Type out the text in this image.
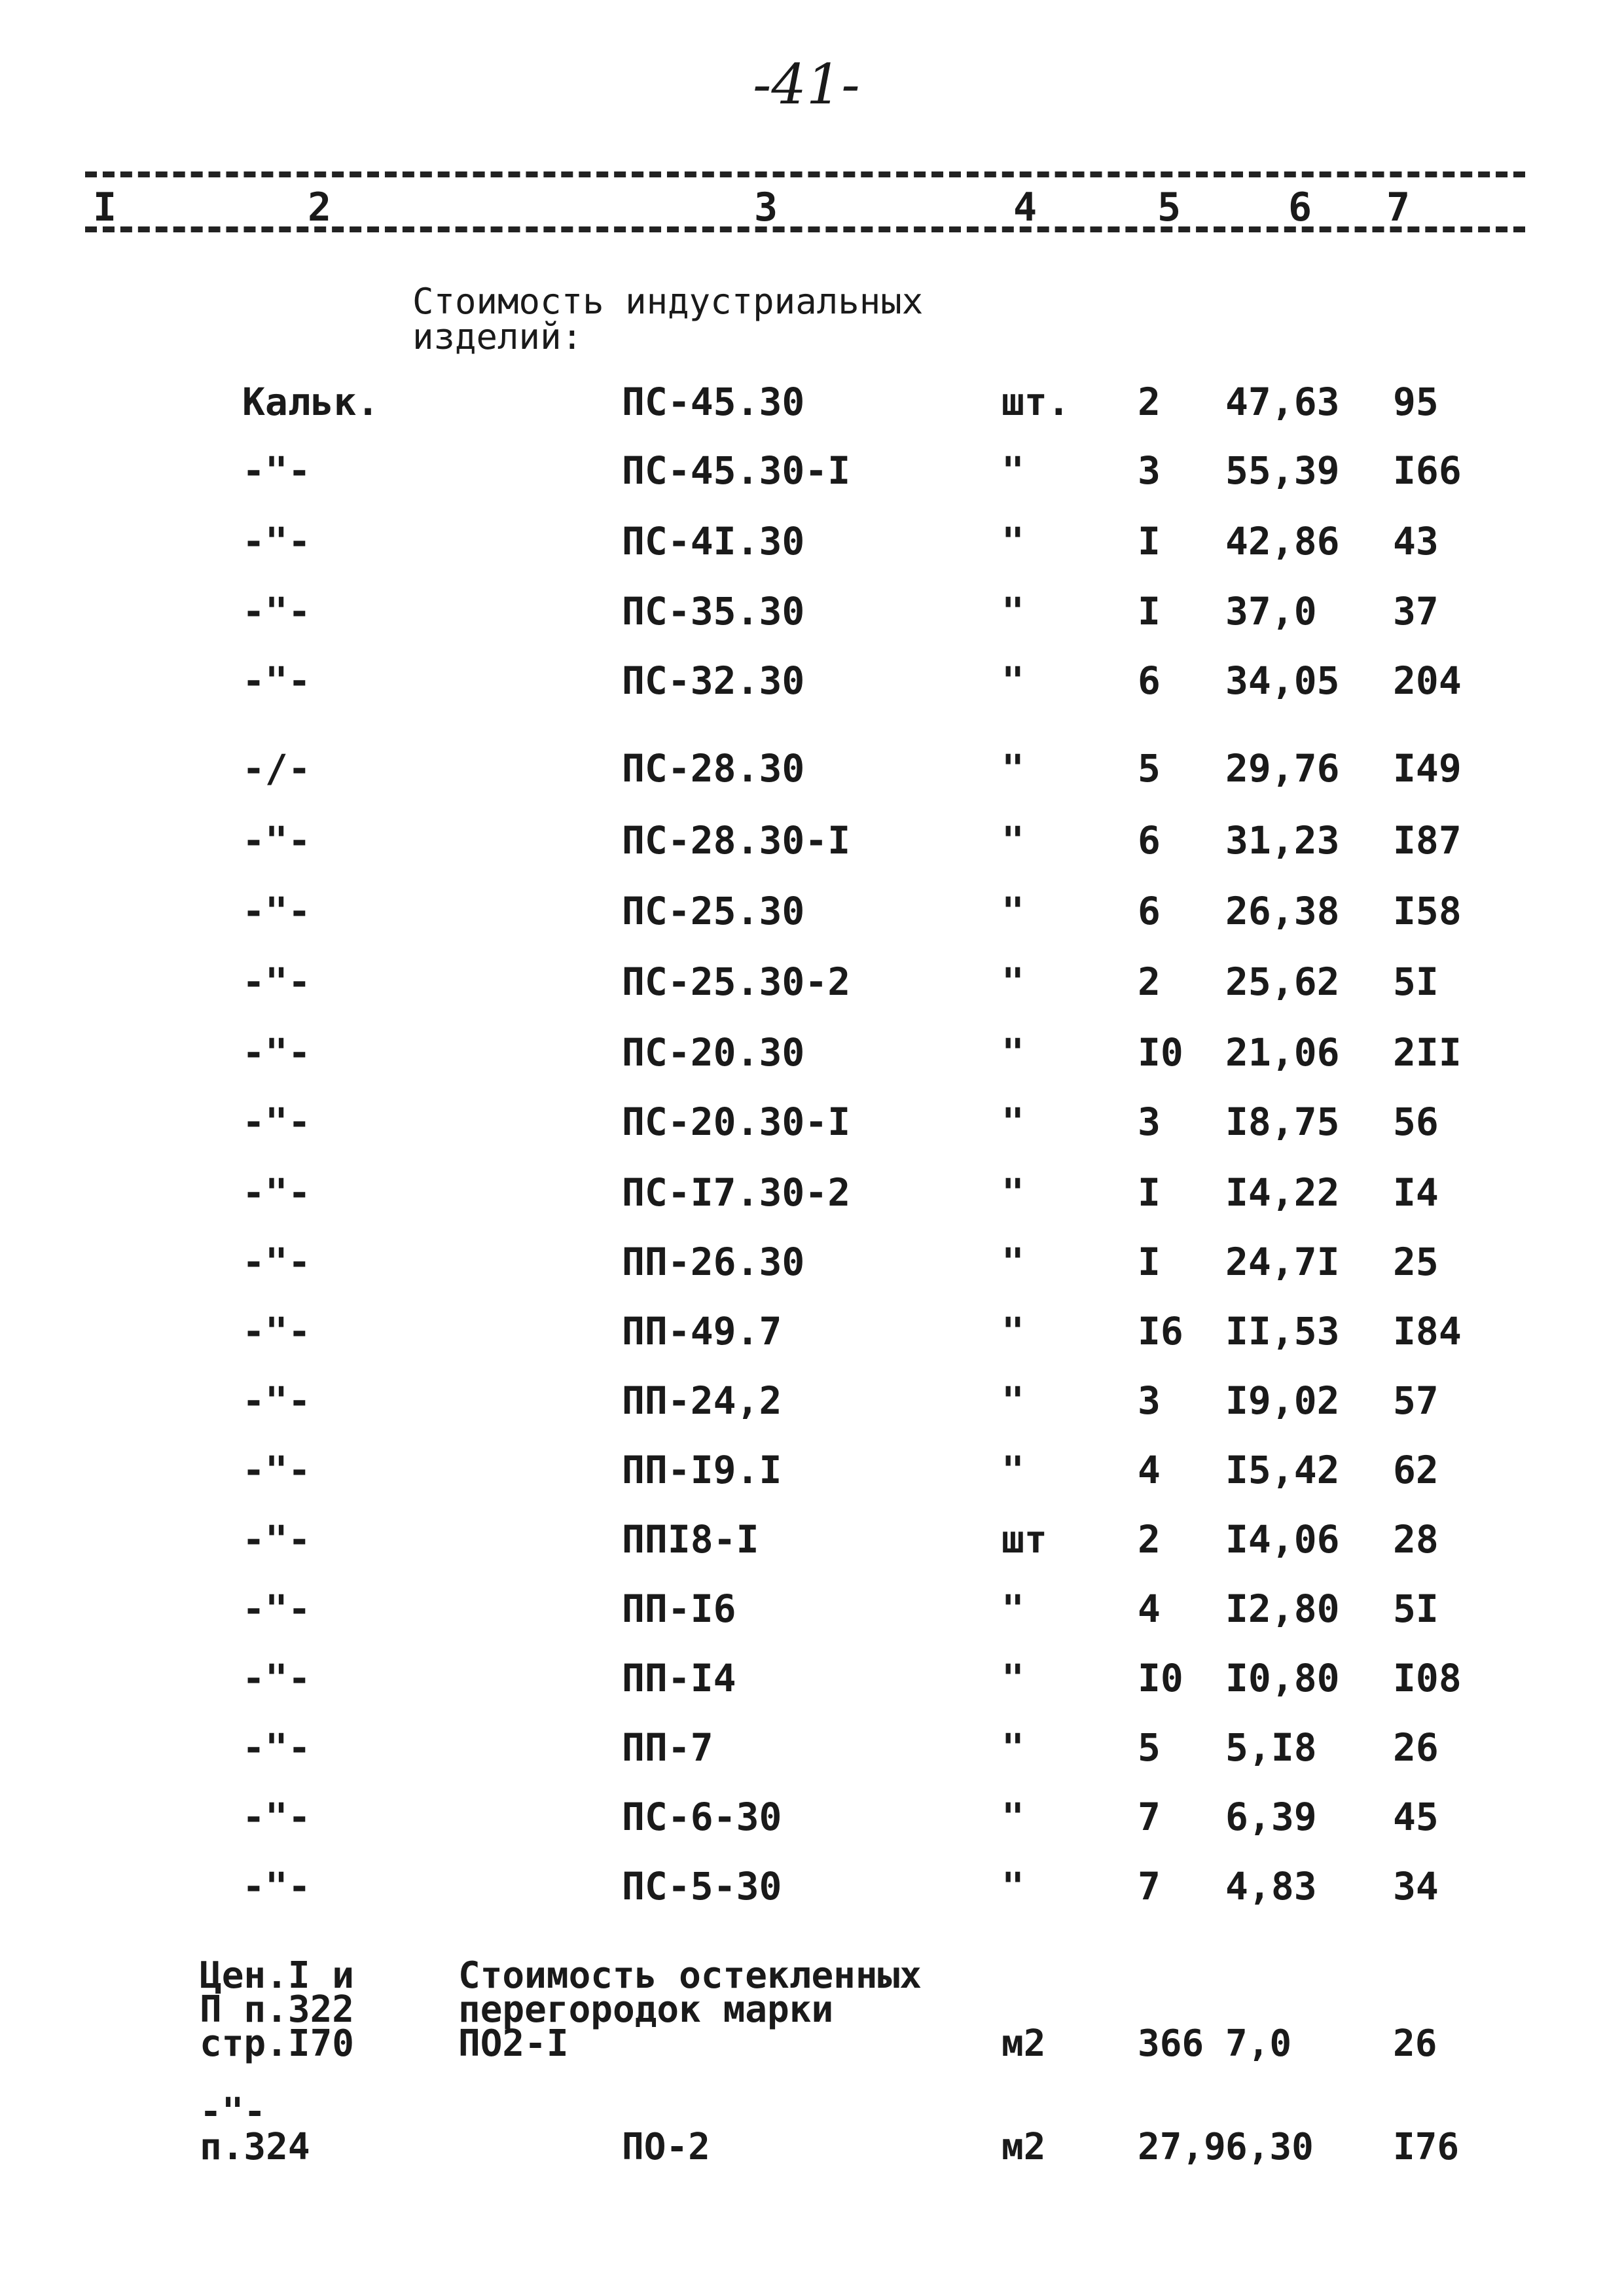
-41-
I	2	3	4	5	6 7
Стоимость индустриальных
изделий:
Кальк.	ПС-45.30	шт. 2 47,63 95
-"-	ПС-45.30-I	"	3 55,39 I66
-"-	ПС-4I.30	"	I 42,86 43
-"-	ПС-35.30	"	I 37,0 37
-"-	ПС-32.30	"	6 34,05 204
-/-	ПС-28.30	"	5 29,76 I49
-"-	ПС-28.30-I	"	6 31,23 I87
-"-	ПС-25.30	"	6 26,38 I58
-"-	ПС-25.30-2	"	2 25,62 5I
-"-	ПС-20.30	"	I0 21,06 2II
-"-	ПС-20.30-I	"	3 I8,75 56
-"-	ПС-I7.30-2	"	I I4,22 I4
-"-	ПП-26.30	"	I 24,7I 25
-"-	ПП-49.7	"	I6 II,53 I84
-"-	ПП-24,2	"	3 I9,02 57
-"-	ПП-I9.I	"	4 I5,42 62
-"-	ППI8-I	шт 2 I4,06 28
-"-	ПП-I6	"	4 I2,80 5I
-"-	ПП-I4	"	I0 I0,80 I08
-"-	ПП-7	"	5 5,I8 26
-"-	ПС-6-30	"	7 6,39 45
-"-	ПС-5-30	"	7 4,83 34
Цен.I и
П п.322
стр.I70
Стоимость остекленных
перегородок марки
ПО2-I	м2	366 7,0	26
-"-
п.324	ПО-2	м2	27,9 6,30 I76
